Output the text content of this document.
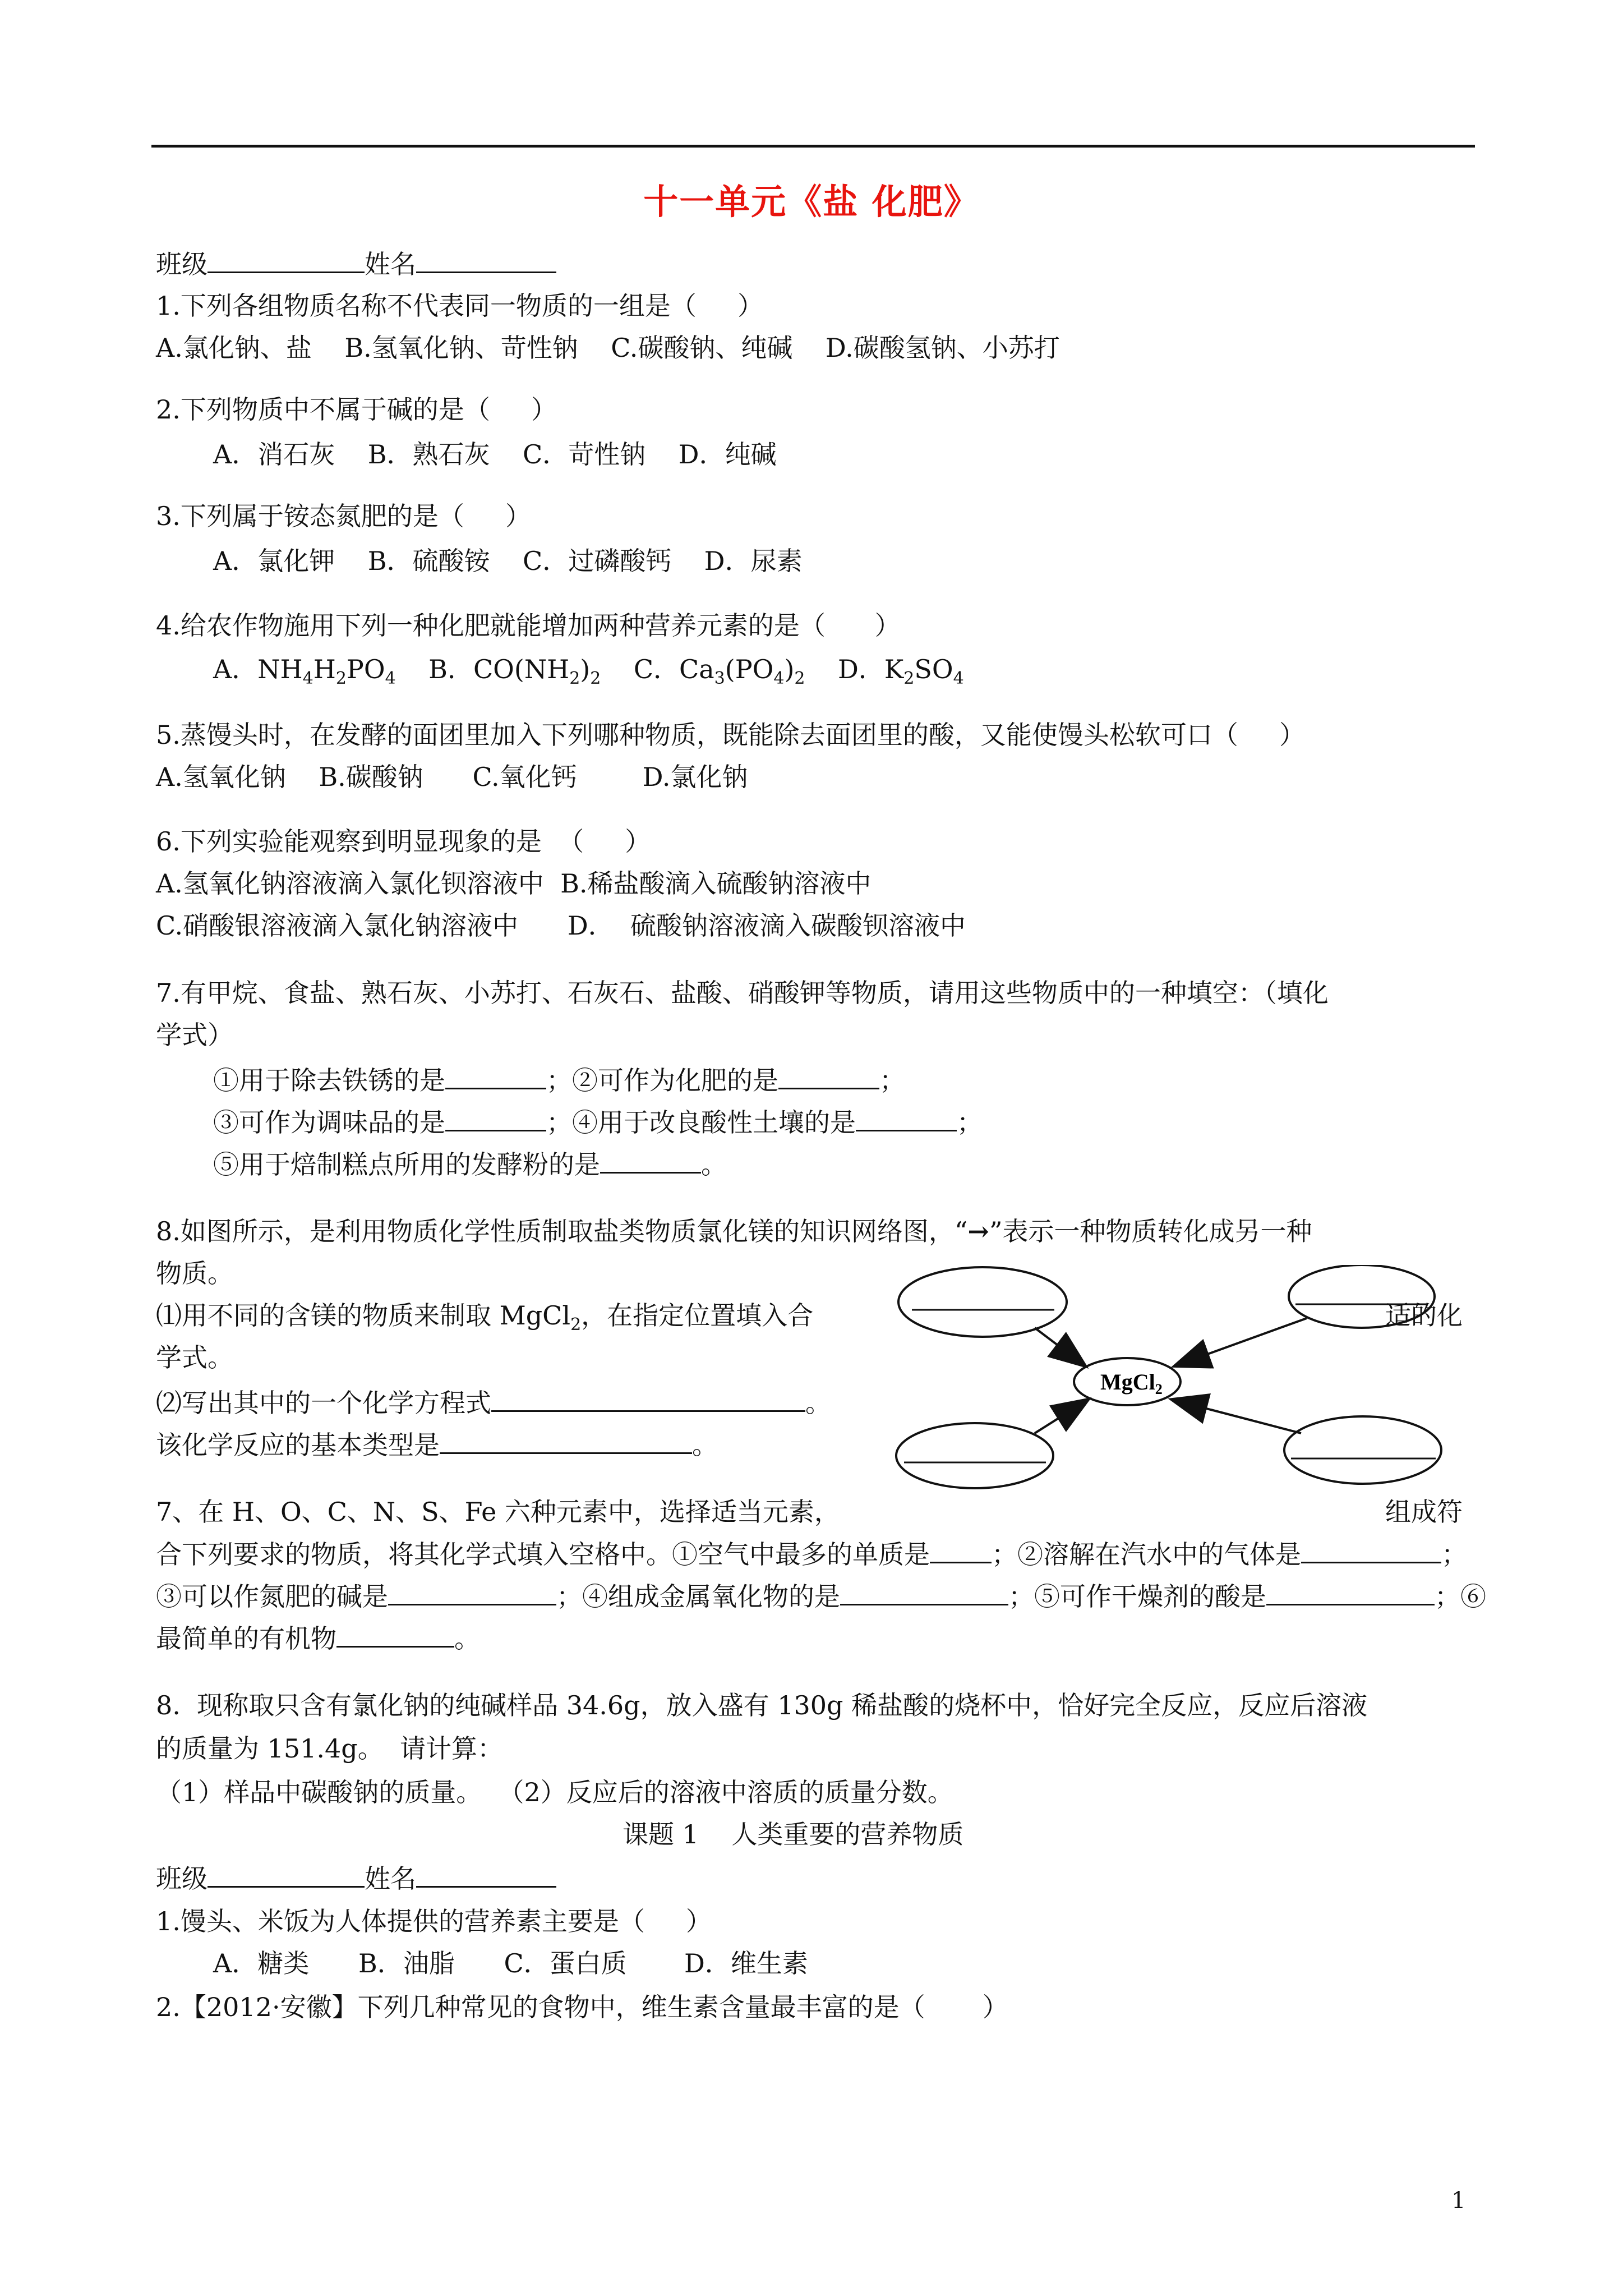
十一单元《盐 化肥》
班级	姓名
1.下列各组物质名称不代表同一物质的一组是（     ）
A.氯化钠、盐    B.氢氧化钠、苛性钠    C.碳酸钠、纯碱    D.碳酸氢钠、小苏打
2.下列物质中不属于碱的是（     ）
A．消石灰    B．熟石灰    C．苛性钠    D．纯碱
3.下列属于铵态氮肥的是（     ）
A．氯化钾    B．硫酸铵    C．过磷酸钙    D．尿素
4.给农作物施用下列一种化肥就能增加两种营养元素的是（      ）
A．$NH_4H_2PO_4$ B．$CO(NH_2)_2$ C．$Ca_3(PO_4)_2$ D．$K_2SO_4$
5.蒸馒头时，在发酵的面团里加入下列哪种物质，既能除去面团里的酸，又能使馒头松软可口（     ）
A.氢氧化钠    B.碳酸钠      C.氧化钙        D.氯化钠
6.下列实验能观察到明显现象的是  （     ）
A.氢氧化钠溶液滴入氯化钡溶液中  B.稀盐酸滴入硫酸钠溶液中
C.硝酸银溶液滴入氯化钠溶液中      D．  硫酸钠溶液滴入碳酸钡溶液中
7.有甲烷、食盐、熟石灰、小苏打、石灰石、盐酸、硝酸钾等物质，请用这些物质中的一种填空：（填化
学式）
①用于除去铁锈的是	；②可作为化肥的是	；
③可作为调味品的是	；④用于改良酸性土壤的是	；
⑤用于焙制糕点所用的发酵粉的是	。
8.如图所示，是利用物质化学性质制取盐类物质氯化镁的知识网络图，“→”表示一种物质转化成另一种
物质。
⑴用不同的含镁的物质来制取 MgCl$_2$，在指定位置填入合	适的化
学式。
⑵写出其中的一个化学方程式	。
该化学反应的基本类型是	。
MgCl$_2$
7、在 H、O、C、N、S、Fe 六种元素中，选择适当元素，	组成符
合下列要求的物质，将其化学式填入空格中。①空气中最多的单质是 ；②溶解在汽水中的气体是	；
③可以作氮肥的碱是	；④组成金属氧化物的是	；⑤可作干燥剂的酸是	；⑥
最简单的有机物	。
8.  现称取只含有氯化钠的纯碱样品 34.6g，放入盛有 130g 稀盐酸的烧杯中，恰好完全反应，反应后溶液
的质量为 151.4g。  请计算：
（1）样品中碳酸钠的质量。  （2）反应后的溶液中溶质的质量分数。
课题 1    人类重要的营养物质
班级	姓名
1.馒头、米饭为人体提供的营养素主要是（     ）
A．糖类      B．油脂      C．蛋白质       D．维生素
2.【2012·安徽】下列几种常见的食物中，维生素含量最丰富的是（       ）
1
